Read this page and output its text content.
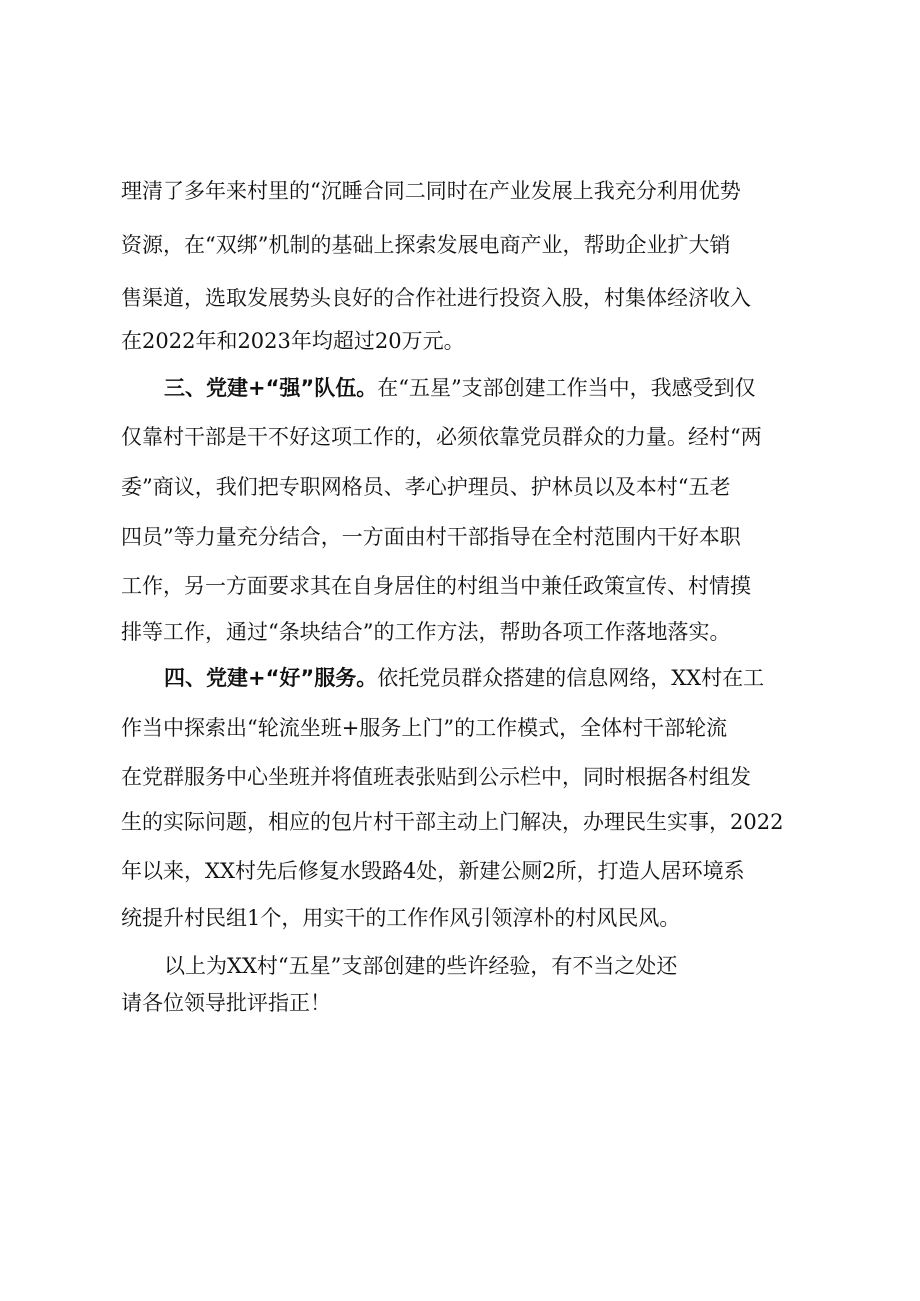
理清了多年来村里的“沉睡合同二同时在产业发展上我充分利用优势
资源，在“双绑”机制的基础上探索发展电商产业，帮助企业扩大销
售渠道，选取发展势头良好的合作社进行投资入股，村集体经济收入
在2022年和2023年均超过20万元。
三、党建+“强”队伍。在“五星”支部创建工作当中，我感受到仅
仅靠村干部是干不好这项工作的，必须依靠党员群众的力量。经村“两
委”商议，我们把专职网格员、孝心护理员、护林员以及本村“五老
四员”等力量充分结合，一方面由村干部指导在全村范围内干好本职
工作，另一方面要求其在自身居住的村组当中兼任政策宣传、村情摸
排等工作，通过“条块结合”的工作方法，帮助各项工作落地落实。
四、党建+“好”服务。依托党员群众搭建的信息网络，XX村在工
作当中探索出“轮流坐班+服务上门”的工作模式，全体村干部轮流
在党群服务中心坐班并将值班表张贴到公示栏中，同时根据各村组发
生的实际问题，相应的包片村干部主动上门解决，办理民生实事，2022
年以来，XX村先后修复水毁路4处，新建公厕2所，打造人居环境系
统提升村民组1个，用实干的工作作风引领淳朴的村风民风。
以上为XX村“五星”支部创建的些许经验，有不当之处还
请各位领导批评指正！
